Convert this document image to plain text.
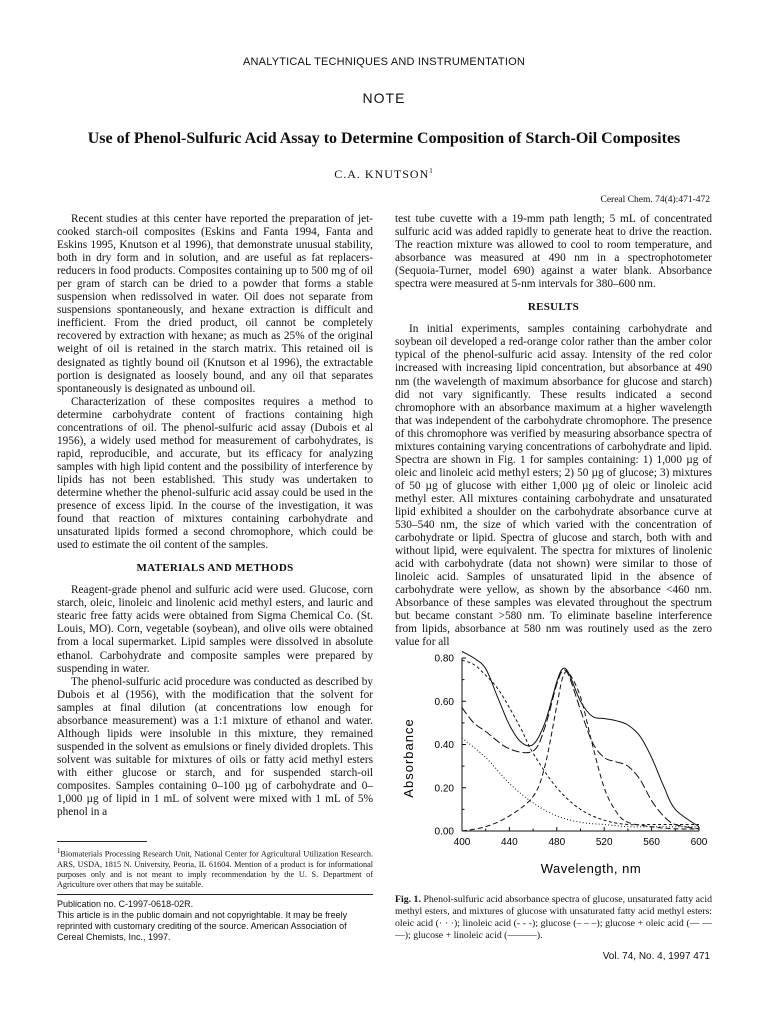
ANALYTICAL TECHNIQUES AND INSTRUMENTATION
NOTE
Use of Phenol-Sulfuric Acid Assay to Determine Composition of Starch-Oil Composites
C.A. KNUTSON$^1$
Cereal Chem. 74(4):471-472

Recent studies at this center have reported the preparation of jet-cooked starch-oil composites (Eskins and Fanta 1994, Fanta and Eskins 1995, Knutson et al 1996), that demonstrate unusual stability, both in dry form and in solution, and are useful as fat replacers-reducers in food products. Composites containing up to 500 mg of oil per gram of starch can be dried to a powder that forms a stable suspension when redissolved in water. Oil does not separate from suspensions spontaneously, and hexane extraction is difficult and inefficient. From the dried product, oil cannot be completely recovered by extraction with hexane; as much as 25% of the original weight of oil is retained in the starch matrix. This retained oil is designated as tightly bound oil (Knutson et al 1996), the extractable portion is designated as loosely bound, and any oil that separates spontaneously is designated as unbound oil.

Characterization of these composites requires a method to determine carbohydrate content of fractions containing high concentrations of oil. The phenol-sulfuric acid assay (Dubois et al 1956), a widely used method for measurement of carbohydrates, is rapid, reproducible, and accurate, but its efficacy for analyzing samples with high lipid content and the possibility of interference by lipids has not been established. This study was undertaken to determine whether the phenol-sulfuric acid assay could be used in the presence of excess lipid. In the course of the investigation, it was found that reaction of mixtures containing carbohydrate and unsaturated lipids formed a second chromophore, which could be used to estimate the oil content of the samples.

MATERIALS AND METHODS

Reagent-grade phenol and sulfuric acid were used. Glucose, corn starch, oleic, linoleic and linolenic acid methyl esters, and lauric and stearic free fatty acids were obtained from Sigma Chemical Co. (St. Louis, MO). Corn, vegetable (soybean), and olive oils were obtained from a local supermarket. Lipid samples were dissolved in absolute ethanol. Carbohydrate and composite samples were prepared by suspending in water.

The phenol-sulfuric acid procedure was conducted as described by Dubois et al (1956), with the modification that the solvent for samples at final dilution (at concentrations low enough for absorbance measurement) was a 1:1 mixture of ethanol and water. Although lipids were insoluble in this mixture, they remained suspended in the solvent as emulsions or finely divided droplets. This solvent was suitable for mixtures of oils or fatty acid methyl esters with either glucose or starch, and for suspended starch-oil composites. Samples containing 0–100 µg of carbohydrate and 0–1,000 µg of lipid in 1 mL of solvent were mixed with 1 mL of 5% phenol in a

$^1$Biomaterials Processing Research Unit, National Center for Agricultural Utilization Research. ARS, USDA, 1815 N. University, Peoria, IL 61604. Mention of a product is for informational purposes only and is not meant to imply recommendation by the U. S. Department of Agriculture over others that may be suitable.
Publication no. C-1997-0618-02R.
This article is in the public domain and not copyrightable. It may be freely reprinted with customary crediting of the source. American Association of Cereal Chemists, Inc., 1997.

test tube cuvette with a 19-mm path length; 5 mL of concentrated sulfuric acid was added rapidly to generate heat to drive the reaction. The reaction mixture was allowed to cool to room temperature, and absorbance was measured at 490 nm in a spectrophotometer (Sequoia-Turner, model 690) against a water blank. Absorbance spectra were measured at 5-nm intervals for 380–600 nm.

RESULTS

In initial experiments, samples containing carbohydrate and soybean oil developed a red-orange color rather than the amber color typical of the phenol-sulfuric acid assay. Intensity of the red color increased with increasing lipid concentration, but absorbance at 490 nm (the wavelength of maximum absorbance for glucose and starch) did not vary significantly. These results indicated a second chromophore with an absorbance maximum at a higher wavelength that was independent of the carbohydrate chromophore. The presence of this chromophore was verified by measuring absorbance spectra of mixtures containing varying concentrations of carbohydrate and lipid. Spectra are shown in Fig. 1 for samples containing: 1) 1,000 µg of oleic and linoleic acid methyl esters; 2) 50 µg of glucose; 3) mixtures of 50 µg of glucose with either 1,000 µg of oleic or linoleic acid methyl ester. All mixtures containing carbohydrate and unsaturated lipid exhibited a shoulder on the carbohydrate absorbance curve at 530–540 nm, the size of which varied with the concentration of carbohydrate or lipid. Spectra of glucose and starch, both with and without lipid, were equivalent. The spectra for mixtures of linolenic acid with carbohydrate (data not shown) were similar to those of linoleic acid. Samples of unsaturated lipid in the absence of carbohydrate were yellow, as shown by the absorbance <460 nm. Absorbance of these samples was elevated throughout the spectrum but became constant >580 nm. To eliminate baseline interference from lipids, absorbance at 580 nm was routinely used as the zero value for all

400	440	480	520	560	600
0.00
0.20
0.40
0.60
0.80
Absorbance
Wavelength, nm
Fig. 1. Phenol-sulfuric acid absorbance spectra of glucose, unsaturated fatty acid methyl esters, and mixtures of glucose with unsaturated fatty acid methyl esters: oleic acid (· · ·); linoleic acid (- - -); glucose (– – –); glucose + oleic acid (— — —); glucose + linoleic acid (———).
Vol. 74, No. 4, 1997 471
